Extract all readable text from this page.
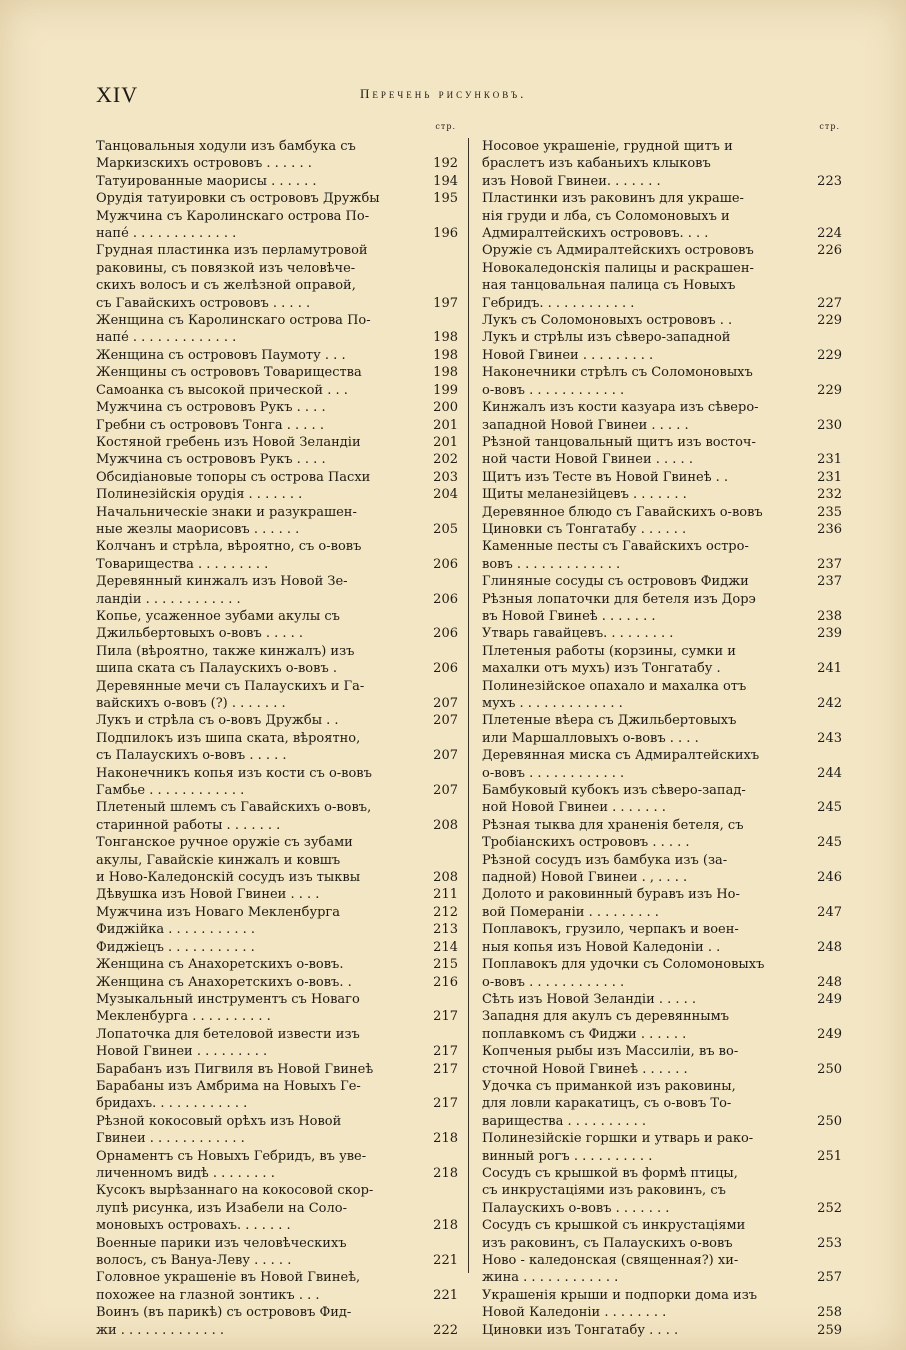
XIV	Перечень рисунковъ.
стр.
Танцовальныя ходули изъ бамбука съ
Маркизскихъ острововъ . . . . . .	192
Татуированные маорисы . . . . . .	194
Орудія татуировки съ острововъ Дружбы	195
Мужчина съ Каролинскаго острова По-
напе́ . . . . . . . . . . . . .	196
Грудная пластинка изъ перламутровой
раковины, съ повязкой изъ человѣче-
скихъ волосъ и съ желѣзной оправой,
съ Гавайскихъ острововъ . . . . .	197
Женщина съ Каролинскаго острова По-
напе́ . . . . . . . . . . . . .	198
Женщина съ острововъ Паумоту . . .	198
Женщины съ острововъ Товарищества	198
Самоанка съ высокой прической . . .	199
Мужчина съ острововъ Рукъ . . . .	200
Гребни съ острововъ Тонга . . . . .	201
Костяной гребень изъ Новой Зеландіи	201
Мужчина съ острововъ Рукъ . . . .	202
Обсидіановые топоры съ острова Пасхи	203
Полинезійскія орудія . . . . . . .	204
Начальническіе знаки и разукрашен-
ные жезлы маорисовъ . . . . . .	205
Колчанъ и стрѣла, вѣроятно, съ о-вовъ
Товарищества . . . . . . . . .	206
Деревянный кинжалъ изъ Новой Зе-
ландіи . . . . . . . . . . . .	206
Копье, усаженное зубами акулы съ
Джильбертовыхъ о-вовъ . . . . .	206
Пила (вѣроятно, также кинжалъ) изъ
шипа ската съ Палаускихъ о-вовъ .	206
Деревянные мечи съ Палаускихъ и Га-
вайскихъ о-вовъ (?) . . . . . . .	207
Лукъ и стрѣла съ о-вовъ Дружбы . .	207
Подпилокъ изъ шипа ската, вѣроятно,
съ Палаускихъ о-вовъ . . . . .	207
Наконечникъ копья изъ кости съ о-вовъ
Гамбье . . . . . . . . . . . .	207
Плетеный шлемъ съ Гавайскихъ о-вовъ,
старинной работы . . . . . . .	208
Тонганское ручное оружіе съ зубами
акулы, Гавайскіе кинжалъ и ковшъ
и Ново-Каледонскій сосудъ изъ тыквы	208
Дѣвушка изъ Новой Гвинеи . . . .	211
Мужчина изъ Новаго Мекленбурга	212
Фиджійка . . . . . . . . . . .	213
Фиджіецъ . . . . . . . . . . .	214
Женщина съ Анахоретскихъ о-вовъ.	215
Женщина съ Анахоретскихъ о-вовъ. .	216
Музыкальный инструментъ съ Новаго
Мекленбурга . . . . . . . . . .	217
Лопаточка для бетеловой извести изъ
Новой Гвинеи . . . . . . . . .	217
Барабанъ изъ Пигвиля въ Новой Гвинеѣ	217
Барабаны изъ Амбрима на Новыхъ Ге-
бридахъ. . . . . . . . . . . .	217
Рѣзной кокосовый орѣхъ изъ Новой
Гвинеи . . . . . . . . . . . .	218
Орнаментъ съ Новыхъ Гебридъ, въ уве-
личенномъ видѣ . . . . . . . .	218
Кусокъ вырѣзаннаго на кокосовой скор-
лупѣ рисунка, изъ Изабели на Соло-
моновыхъ островахъ. . . . . . .	218
Военные парики изъ человѣческихъ
волосъ, съ Вануа-Леву . . . . .	221
Головное украшеніе въ Новой Гвинеѣ,
похожее на глазной зонтикъ . . .	221
Воинъ (въ парикѣ) съ острововъ Фид-
жи . . . . . . . . . . . . .	222
стр.
Носовое украшеніе, грудной щитъ и
браслетъ изъ кабаньихъ клыковъ
изъ Новой Гвинеи. . . . . . .	223
Пластинки изъ раковинъ для украше-
нія груди и лба, съ Соломоновыхъ и
Адмиралтейскихъ острововъ. . . .	224
Оружіе съ Адмиралтейскихъ острововъ	226
Новокаледонскія палицы и раскрашен-
ная танцовальная палица съ Новыхъ
Гебридъ. . . . . . . . . . . .	227
Лукъ съ Соломоновыхъ острововъ . .	229
Лукъ и стрѣлы изъ сѣверо-западной
Новой Гвинеи . . . . . . . . .	229
Наконечники стрѣлъ съ Соломоновыхъ
о-вовъ . . . . . . . . . . . .	229
Кинжалъ изъ кости казуара изъ сѣверо-
западной Новой Гвинеи . . . . .	230
Рѣзной танцовальный щитъ изъ восточ-
ной части Новой Гвинеи . . . . .	231
Щитъ изъ Тесте въ Новой Гвинеѣ . .	231
Щиты меланезійцевъ . . . . . . .	232
Деревянное блюдо съ Гавайскихъ о-вовъ	235
Циновки съ Тонгатабу . . . . . .	236
Каменные песты съ Гавайскихъ остро-
вовъ . . . . . . . . . . . . .	237
Глиняные сосуды съ острововъ Фиджи	237
Рѣзныя лопаточки для бетеля изъ Дорэ
въ Новой Гвинеѣ . . . . . . .	238
Утварь гавайцевъ. . . . . . . . .	239
Плетеныя работы (корзины, сумки и
махалки отъ мухъ) изъ Тонгатабу .	241
Полинезійское опахало и махалка отъ
мухъ . . . . . . . . . . . . .	242
Плетеные вѣера съ Джильбертовыхъ
или Маршалловыхъ о-вовъ . . . .	243
Деревянная миска съ Адмиралтейскихъ
о-вовъ . . . . . . . . . . . .	244
Бамбуковый кубокъ изъ сѣверо-запад-
ной Новой Гвинеи . . . . . . .	245
Рѣзная тыква для храненія бетеля, съ
Тробіанскихъ острововъ . . . . .	245
Рѣзной сосудъ изъ бамбука изъ (за-
падной) Новой Гвинеи . , . . . .	246
Долото и раковинный буравъ изъ Но-
вой Помераніи . . . . . . . . .	247
Поплавокъ, грузило, черпакъ и воен-
ныя копья изъ Новой Каледоніи . .	248
Поплавокъ для удочки съ Соломоновыхъ
о-вовъ . . . . . . . . . . . .	248
Сѣть изъ Новой Зеландіи . . . . .	249
Западня для акулъ съ деревяннымъ
поплавкомъ съ Фиджи . . . . . .	249
Копченыя рыбы изъ Массиліи, въ во-
сточной Новой Гвинеѣ . . . . . .	250
Удочка съ приманкой изъ раковины,
для ловли каракатицъ, съ о-вовъ То-
варищества . . . . . . . . . .	250
Полинезійскіе горшки и утварь и рако-
винный рогъ . . . . . . . . . .	251
Сосудъ съ крышкой въ формѣ птицы,
съ инкрустаціями изъ раковинъ, съ
Палаускихъ о-вовъ . . . . . . .	252
Сосудъ съ крышкой съ инкрустаціями
изъ раковинъ, съ Палаускихъ о-вовъ	253
Ново - каледонская (священная?) хи-
жина . . . . . . . . . . . .	257
Украшенія крыши и подпорки дома изъ
Новой Каледоніи . . . . . . . .	258
Циновки изъ Тонгатабу . . . .	259
